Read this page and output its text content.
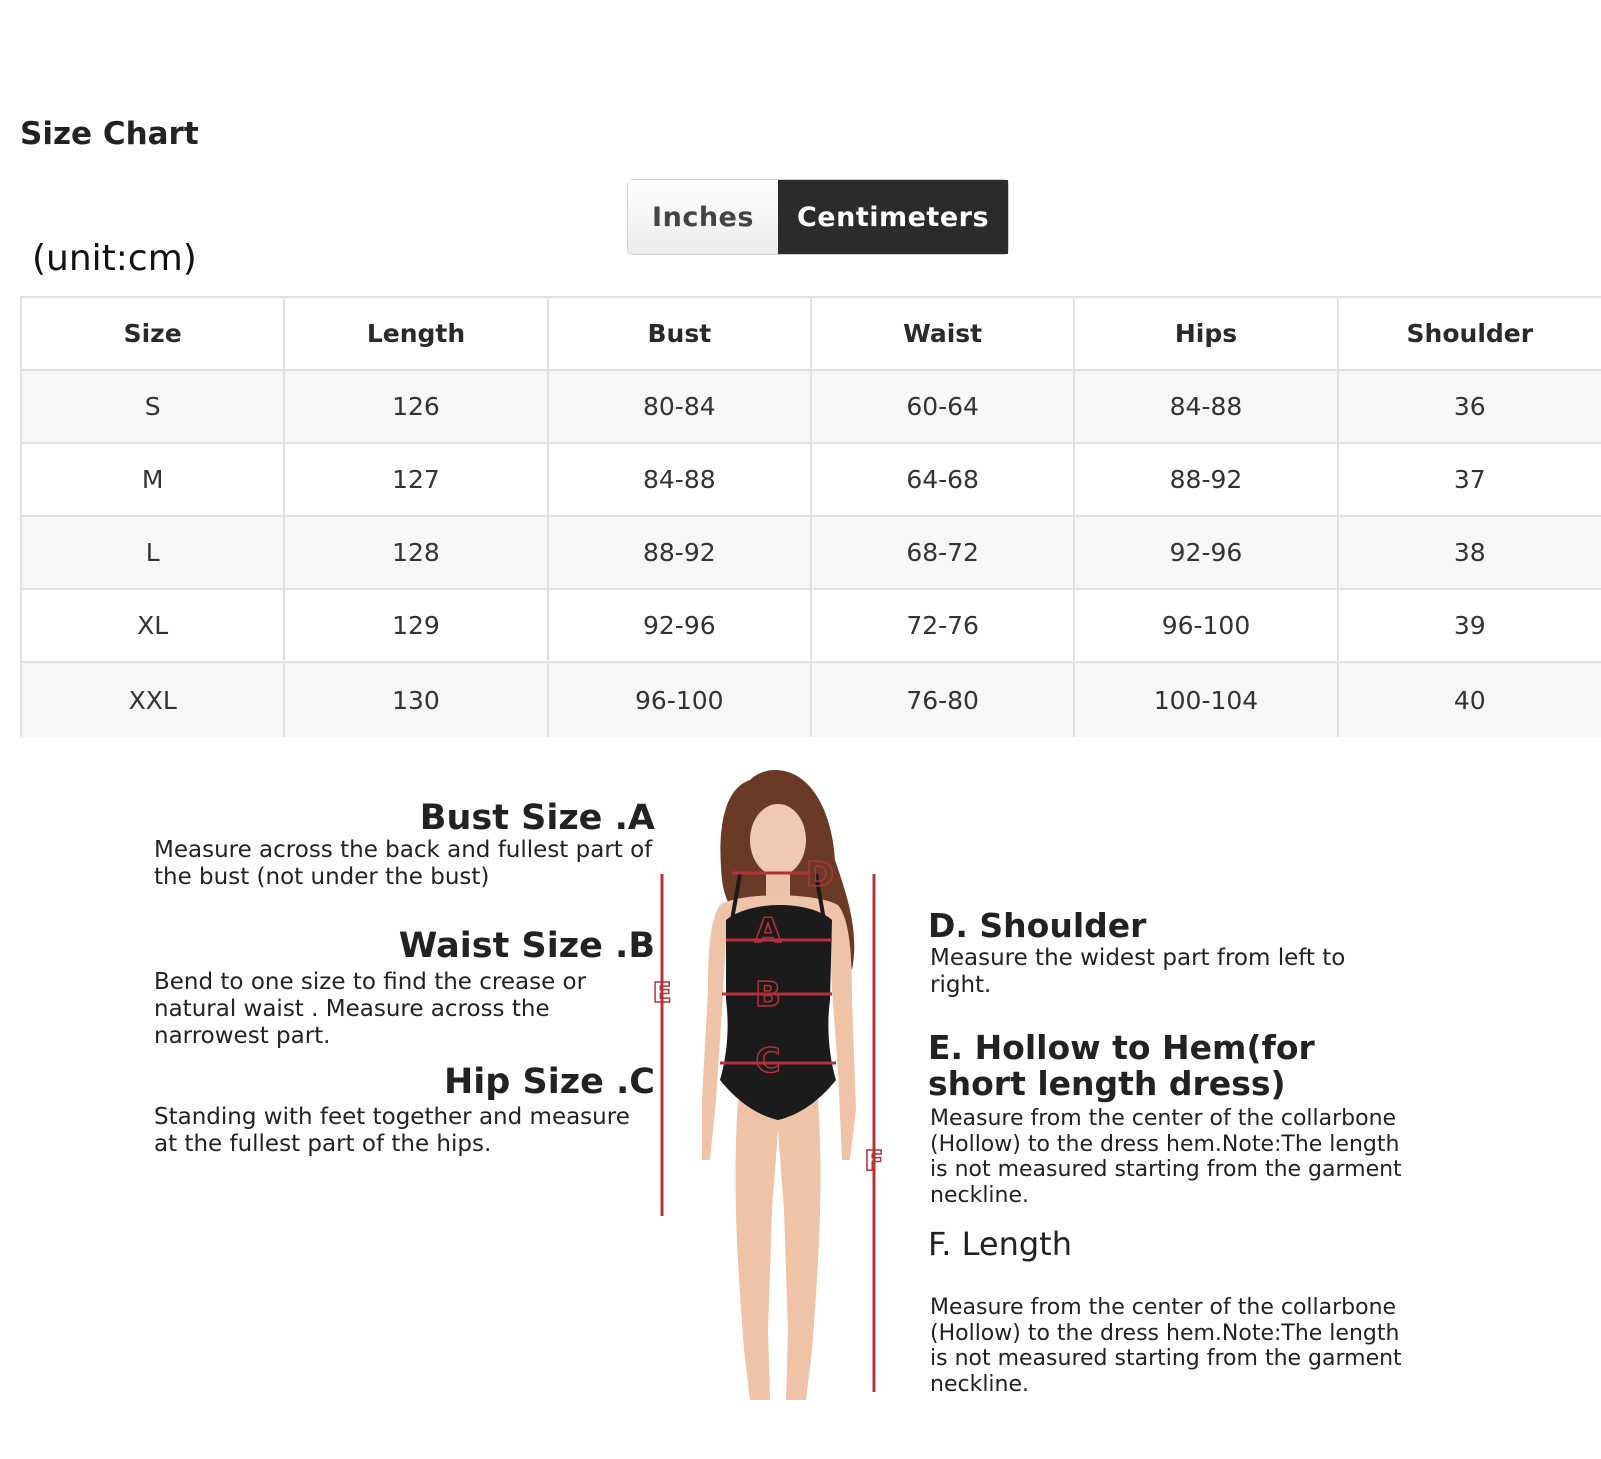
Size Chart
Inches	Centimeters
(unit:cm)
Size	Length	Bust	Waist	Hips	Shoulder
S	126	80-84	60-64	84-88	36
M	127	84-88	64-68	88-92	37
L	128	88-92	68-72	92-96	38
XL	129	92-96	72-76	96-100	39
XXL	130	96-100	76-80	100-104	40
Bust Size .A
Measure across the back and fullest part of the bust (not under the bust)
Waist Size .B
Bend to one size to find the crease or natural waist . Measure across the narrowest part.
Hip Size .C
Standing with feet together and measure at the fullest part of the hips.
D. Shoulder
Measure the widest part from left to right.
E. Hollow to Hem(for short length dress)
Measure from the center of the collarbone (Hollow) to the dress hem.Note:The length is not measured starting from the garment neckline.
F. Length
Measure from the center of the collarbone (Hollow) to the dress hem.Note:The length is not measured starting from the garment neckline.
D
A
B
C
E
F
